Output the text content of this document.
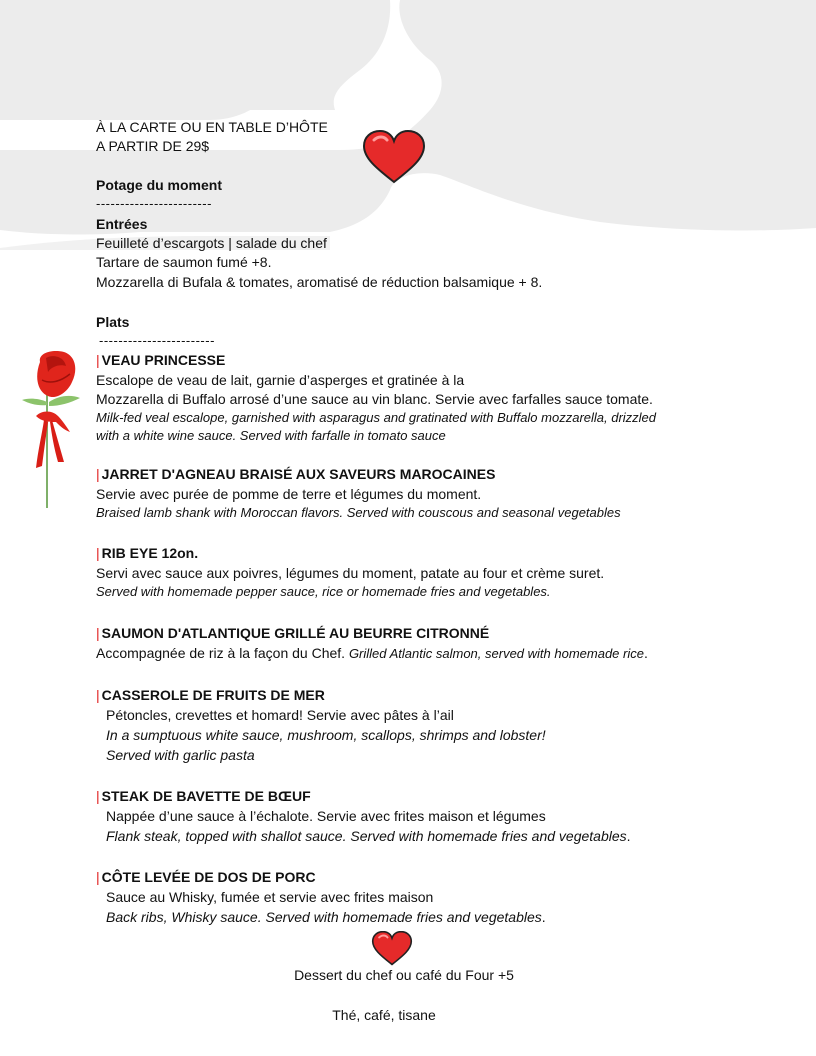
À LA CARTE OU EN TABLE D’HÔTE
A PARTIR DE 29$
Potage du moment
------------------------
Entrées
Feuilleté d’escargots | salade du chef
Tartare de saumon fumé +8.
Mozzarella di Bufala & tomates, aromatisé de réduction balsamique + 8.
Plats
------------------------
| VEAU PRINCESSE
Escalope de veau de lait, garnie d’asperges et gratinée à la
Mozzarella di Buffalo arrosé d’une sauce au vin blanc. Servie avec farfalles sauce tomate.
Milk-fed veal escalope, garnished with asparagus and gratinated with Buffalo mozzarella, drizzled
with a white wine sauce. Served with farfalle in tomato sauce
| JARRET D'AGNEAU BRAISÉ AUX SAVEURS MAROCAINES
Servie avec purée de pomme de terre et légumes du moment.
Braised lamb shank with Moroccan flavors. Served with couscous and seasonal vegetables
| RIB EYE 12on.
Servi avec sauce aux poivres, légumes du moment, patate au four et crème suret.
Served with homemade pepper sauce, rice or homemade fries and vegetables.
| SAUMON D'ATLANTIQUE GRILLÉ AU BEURRE CITRONNÉ
Accompagnée de riz à la façon du Chef. Grilled Atlantic salmon, served with homemade rice.
| CASSEROLE DE FRUITS DE MER
Pétoncles, crevettes et homard! Servie avec pâtes à l’ail
In a sumptuous white sauce, mushroom, scallops, shrimps and lobster!
Served with garlic pasta
| STEAK DE BAVETTE DE BŒUF
Nappée d’une sauce à l’échalote. Servie avec frites maison et légumes
Flank steak, topped with shallot sauce. Served with homemade fries and vegetables.
| CÔTE LEVÉE DE DOS DE PORC
Sauce au Whisky, fumée et servie avec frites maison
Back ribs, Whisky sauce. Served with homemade fries and vegetables.
Dessert du chef ou café du Four +5
Thé, café, tisane
